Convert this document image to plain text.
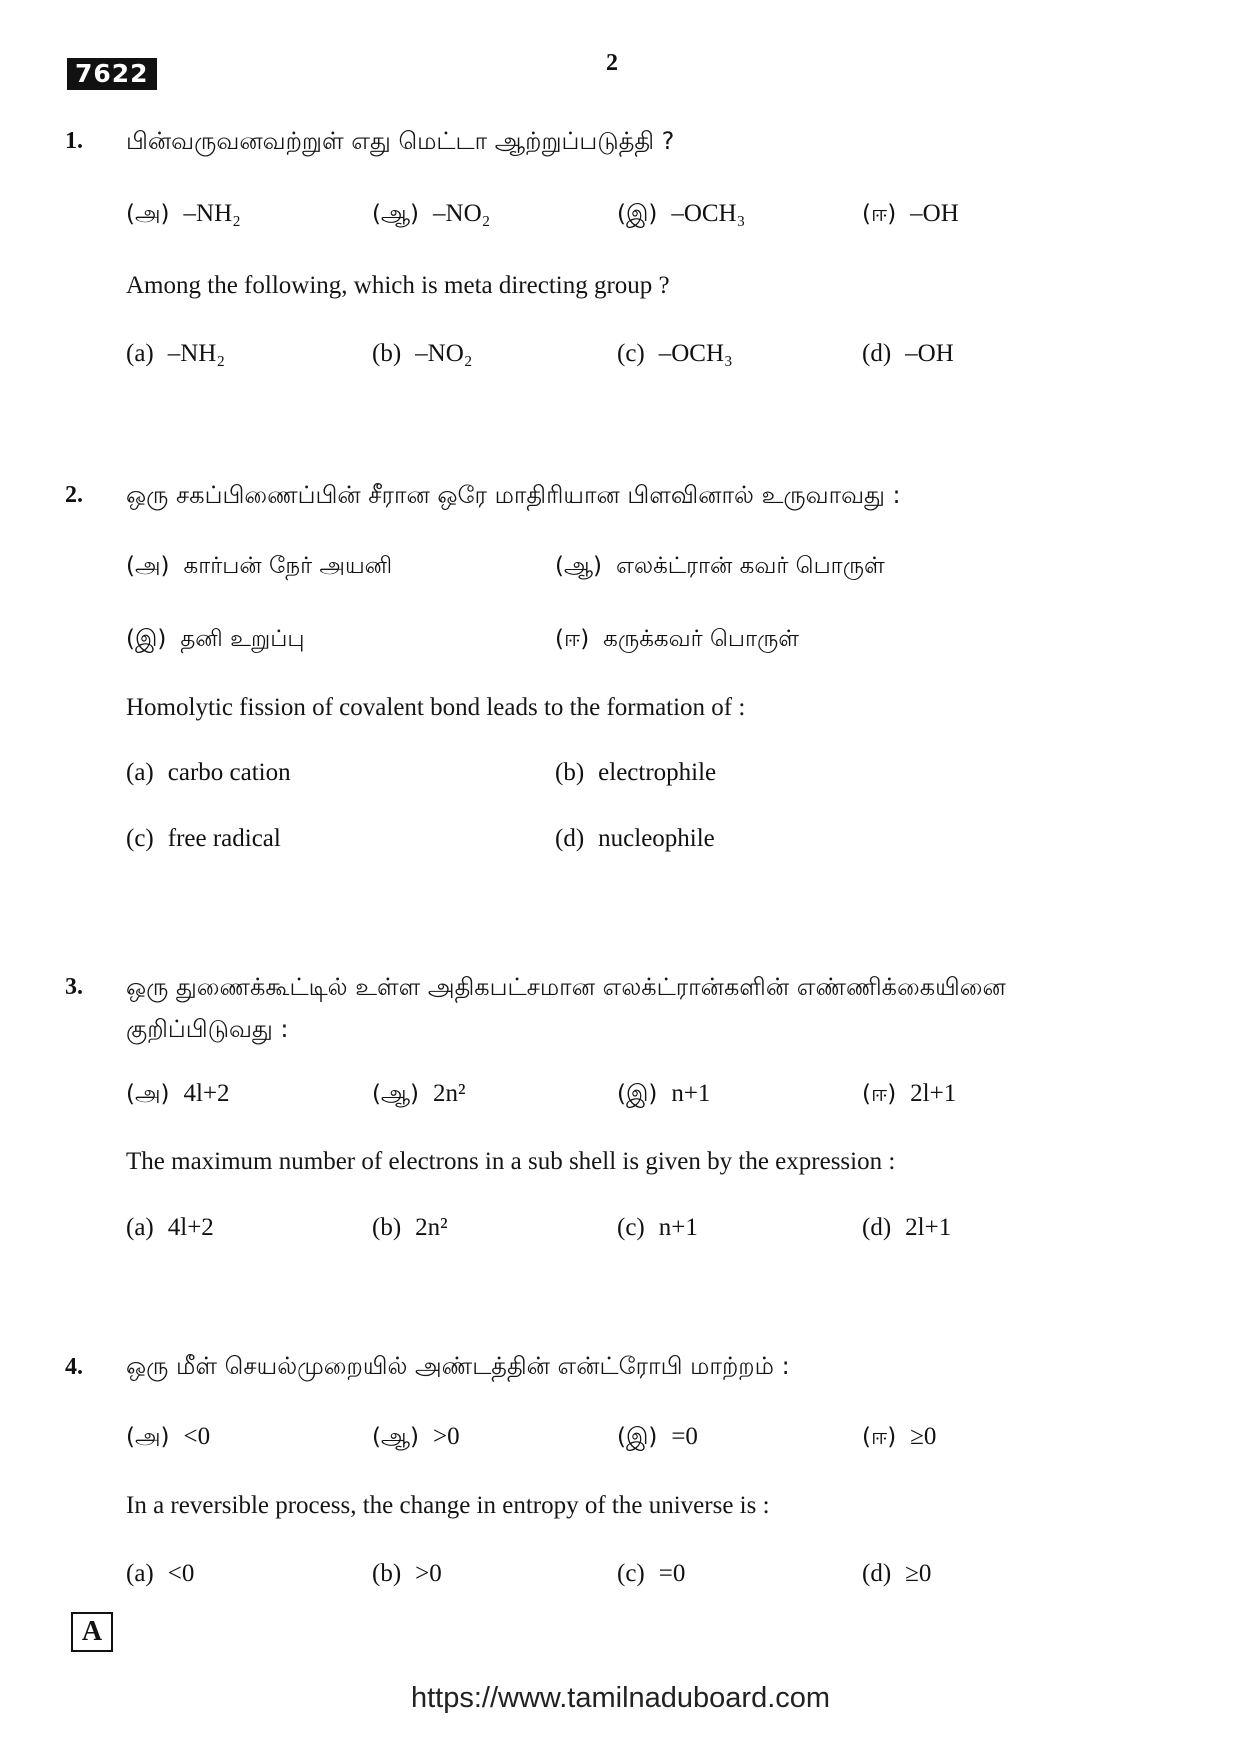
7622	2
1. பின்வருவனவற்றுள் எது மெட்டா ஆற்றுப்படுத்தி ?
(அ) –NH₂	(ஆ) –NO₂	(இ) –OCH₃	(ஈ) –OH
Among the following, which is meta directing group ?
(a) –NH₂	(b) –NO₂	(c) –OCH₃	(d) –OH
2. ஒரு சகப்பிணைப்பின் சீரான ஒரே மாதிரியான பிளவினால் உருவாவது :
(அ) கார்பன் நேர் அயனி	(ஆ) எலக்ட்ரான் கவர் பொருள்
(இ) தனி உறுப்பு	(ஈ) கருக்கவர் பொருள்
Homolytic fission of covalent bond leads to the formation of :
(a) carbo cation	(b) electrophile
(c) free radical	(d) nucleophile
3. ஒரு துணைக்கூட்டில் உள்ள அதிகபட்சமான எலக்ட்ரான்களின் எண்ணிக்கையினை குறிப்பிடுவது :
(அ) 4l+2	(ஆ) 2n²	(இ) n+1	(ஈ) 2l+1
The maximum number of electrons in a sub shell is given by the expression :
(a) 4l+2	(b) 2n²	(c) n+1	(d) 2l+1
4. ஒரு மீள் செயல்முறையில் அண்டத்தின் என்ட்ரோபி மாற்றம் :
(அ) <0	(ஆ) >0	(இ) =0	(ஈ) ≥0
In a reversible process, the change in entropy of the universe is :
(a) <0	(b) >0	(c) =0	(d) ≥0
A
https://www.tamilnaduboard.com
